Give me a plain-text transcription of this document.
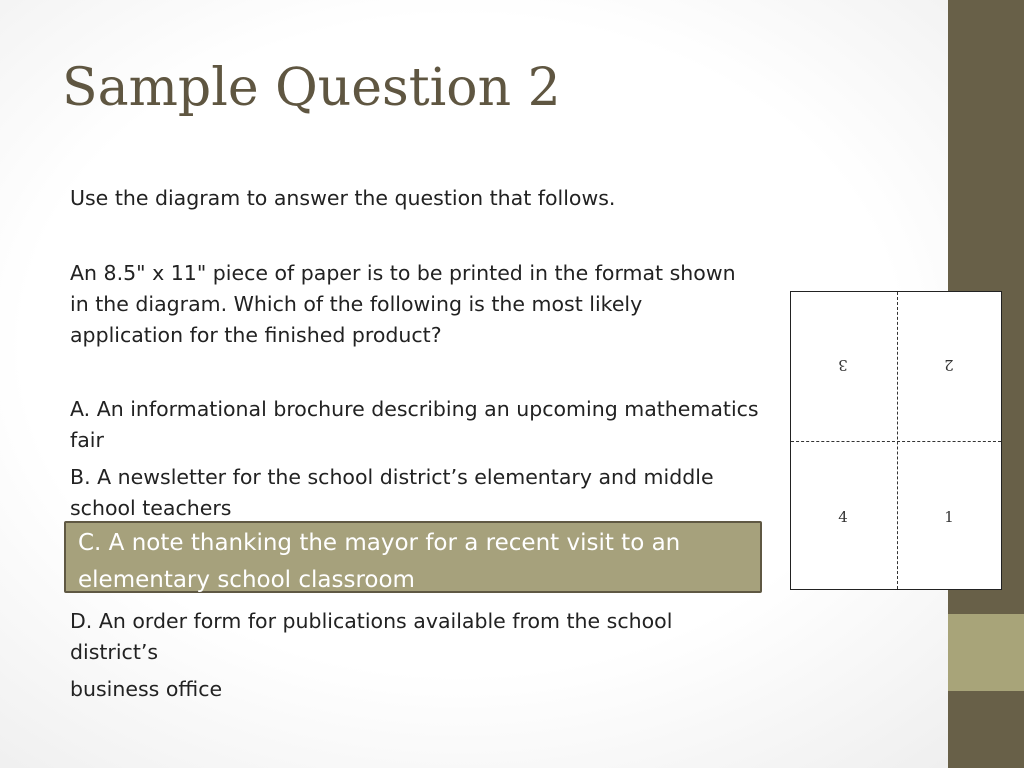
Sample Question 2

Use the diagram to answer the question that follows.

An 8.5" x 11" piece of paper is to be printed in the format shown in the diagram. Which of the following is the most likely application for the finished product?

A. An informational brochure describing an upcoming mathematics fair

B. A newsletter for the school district’s elementary and middle school teachers

C. A note thanking the mayor for a recent visit to an elementary school classroom

D. An order form for publications available from the school district’s

business office

3	2
4	1
